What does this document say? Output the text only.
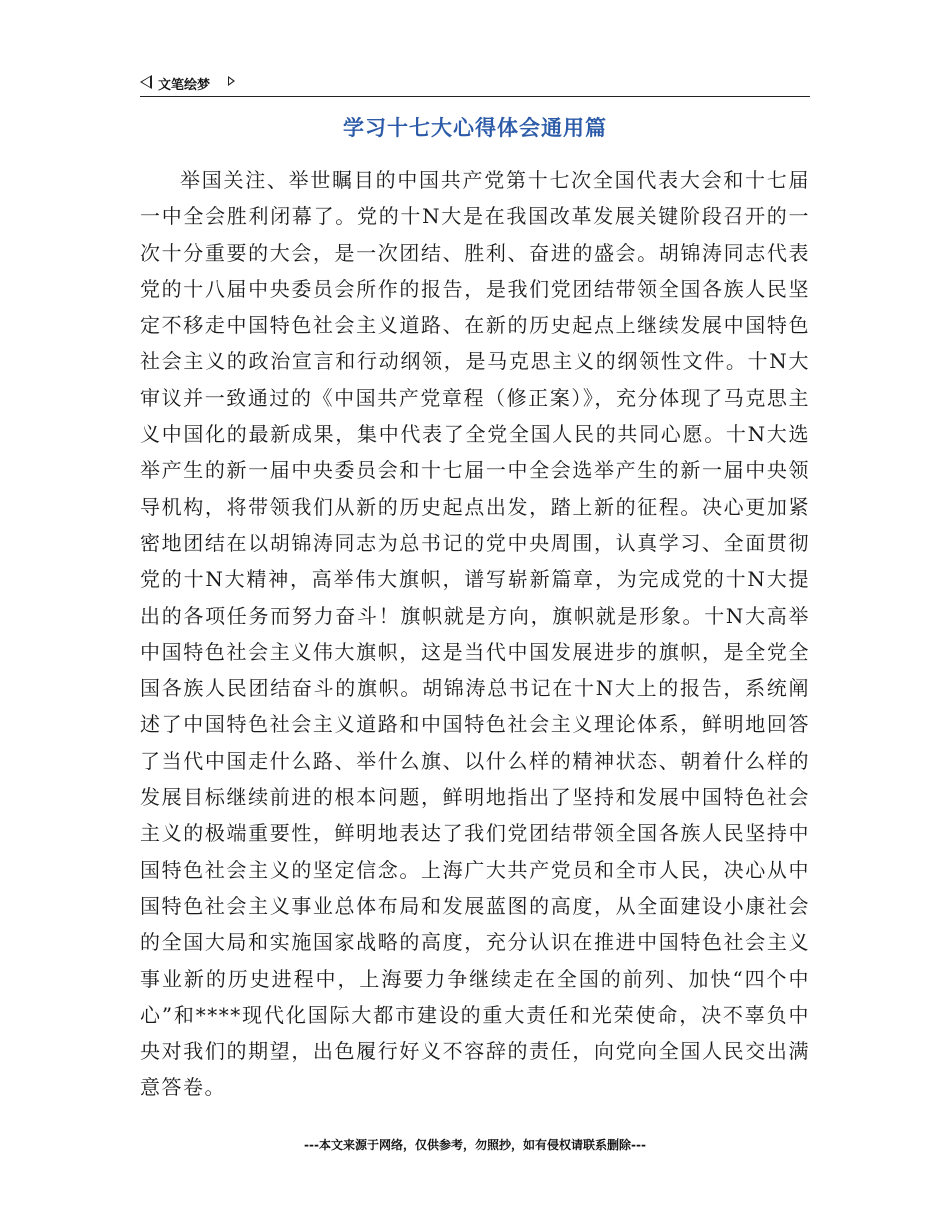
文笔绘梦
学习十七大心得体会通用篇

举国关注、举世瞩目的中国共产党第十七次全国代表大会和十七届一中全会胜利闭幕了。党的十N大是在我国改革发展关键阶段召开的一次十分重要的大会，是一次团结、胜利、奋进的盛会。胡锦涛同志代表党的十八届中央委员会所作的报告，是我们党团结带领全国各族人民坚定不移走中国特色社会主义道路、在新的历史起点上继续发展中国特色社会主义的政治宣言和行动纲领，是马克思主义的纲领性文件。十N大审议并一致通过的《中国共产党章程（修正案）》，充分体现了马克思主义中国化的最新成果，集中代表了全党全国人民的共同心愿。十N大选举产生的新一届中央委员会和十七届一中全会选举产生的新一届中央领导机构，将带领我们从新的历史起点出发，踏上新的征程。决心更加紧密地团结在以胡锦涛同志为总书记的党中央周围，认真学习、全面贯彻党的十N大精神，高举伟大旗帜，谱写崭新篇章，为完成党的十N大提出的各项任务而努力奋斗！旗帜就是方向，旗帜就是形象。十N大高举中国特色社会主义伟大旗帜，这是当代中国发展进步的旗帜，是全党全国各族人民团结奋斗的旗帜。胡锦涛总书记在十N大上的报告，系统阐述了中国特色社会主义道路和中国特色社会主义理论体系，鲜明地回答了当代中国走什么路、举什么旗、以什么样的精神状态、朝着什么样的发展目标继续前进的根本问题，鲜明地指出了坚持和发展中国特色社会主义的极端重要性，鲜明地表达了我们党团结带领全国各族人民坚持中国特色社会主义的坚定信念。上海广大共产党员和全市人民，决心从中国特色社会主义事业总体布局和发展蓝图的高度，从全面建设小康社会的全国大局和实施国家战略的高度，充分认识在推进中国特色社会主义事业新的历史进程中，上海要力争继续走在全国的前列、加快“四个中心”和****现代化国际大都市建设的重大责任和光荣使命，决不辜负中央对我们的期望，出色履行好义不容辞的责任，向党向全国人民交出满意答卷。

---本文来源于网络，仅供参考，勿照抄，如有侵权请联系删除---
